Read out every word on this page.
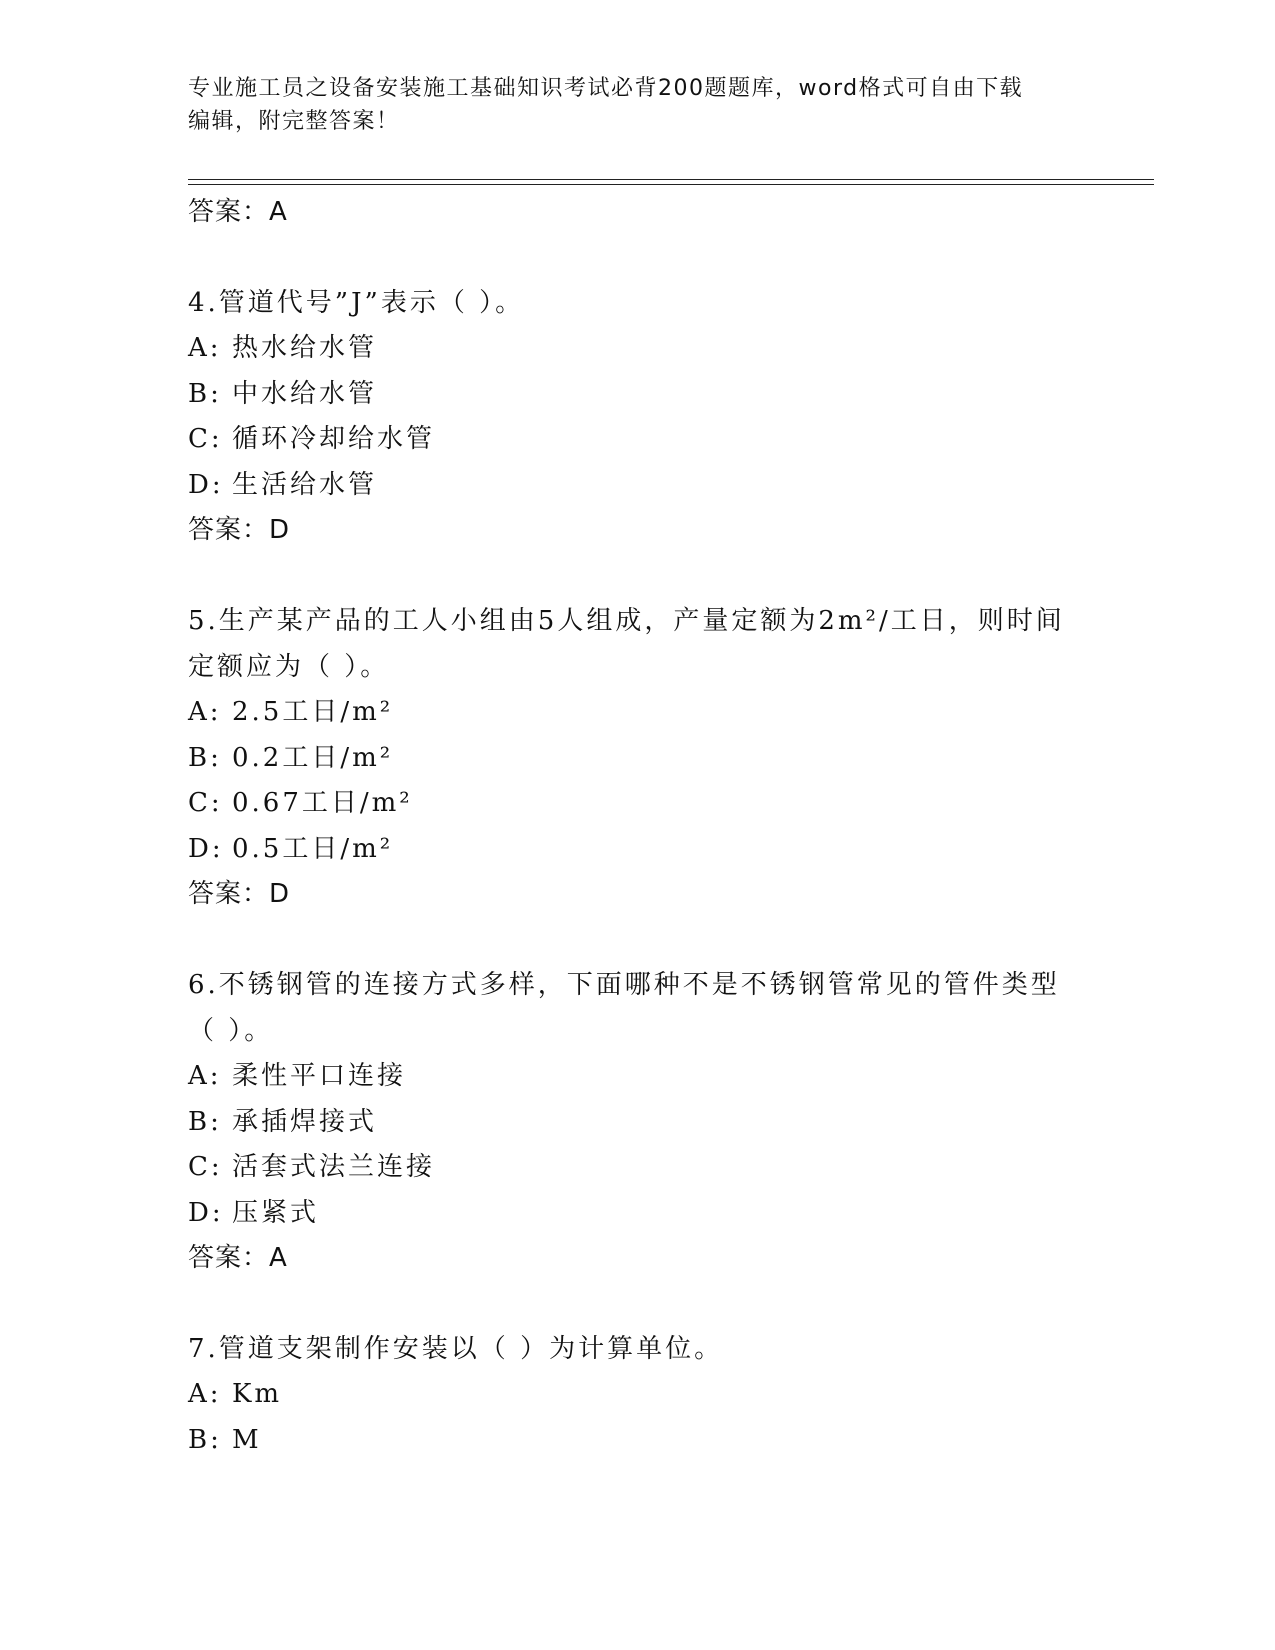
专业施工员之设备安装施工基础知识考试必背200题题库，word格式可自由下载
编辑，附完整答案！
答案：A
4.管道代号”J”表示（ ）。
A: 热水给水管
B: 中水给水管
C: 循环冷却给水管
D: 生活给水管
答案：D
5.生产某产品的工人小组由5人组成，产量定额为2m²/工日，则时间
定额应为（ ）。
A: 2.5工日/m²
B: 0.2工日/m²
C: 0.67工日/m²
D: 0.5工日/m²
答案：D
6.不锈钢管的连接方式多样，下面哪种不是不锈钢管常见的管件类型
（ ）。
A: 柔性平口连接
B: 承插焊接式
C: 活套式法兰连接
D: 压紧式
答案：A
7.管道支架制作安装以（ ）为计算单位。
A: Km
B: M
